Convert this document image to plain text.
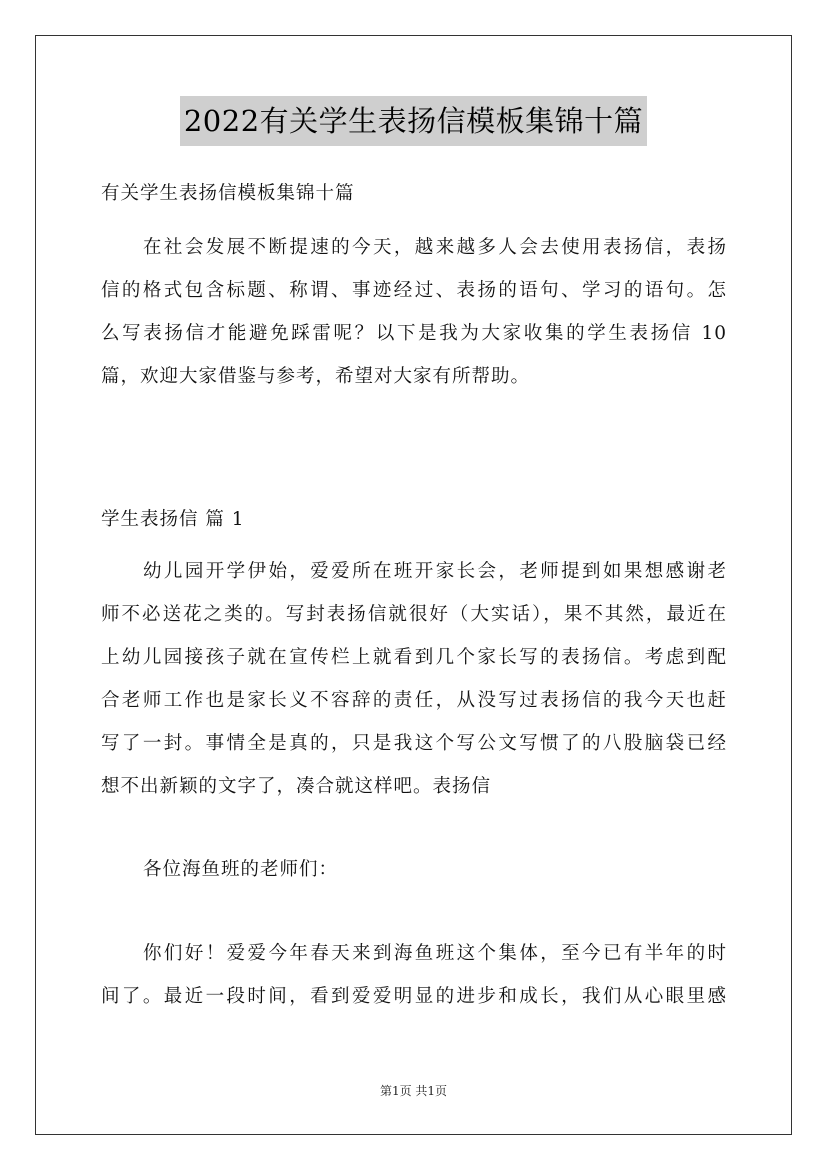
2022有关学生表扬信模板集锦十篇
有关学生表扬信模板集锦十篇
在社会发展不断提速的今天，越来越多人会去使用表扬信，表扬
信的格式包含标题、称谓、事迹经过、表扬的语句、学习的语句。怎
么写表扬信才能避免踩雷呢？以下是我为大家收集的学生表扬信 10
篇，欢迎大家借鉴与参考，希望对大家有所帮助。
学生表扬信 篇 1
幼儿园开学伊始，爱爱所在班开家长会，老师提到如果想感谢老
师不必送花之类的。写封表扬信就很好（大实话），果不其然，最近在
上幼儿园接孩子就在宣传栏上就看到几个家长写的表扬信。考虑到配
合老师工作也是家长义不容辞的责任，从没写过表扬信的我今天也赶
写了一封。事情全是真的，只是我这个写公文写惯了的八股脑袋已经
想不出新颖的文字了，凑合就这样吧。表扬信
各位海鱼班的老师们：
你们好！爱爱今年春天来到海鱼班这个集体，至今已有半年的时
间了。最近一段时间，看到爱爱明显的进步和成长，我们从心眼里感
第1页 共1页
